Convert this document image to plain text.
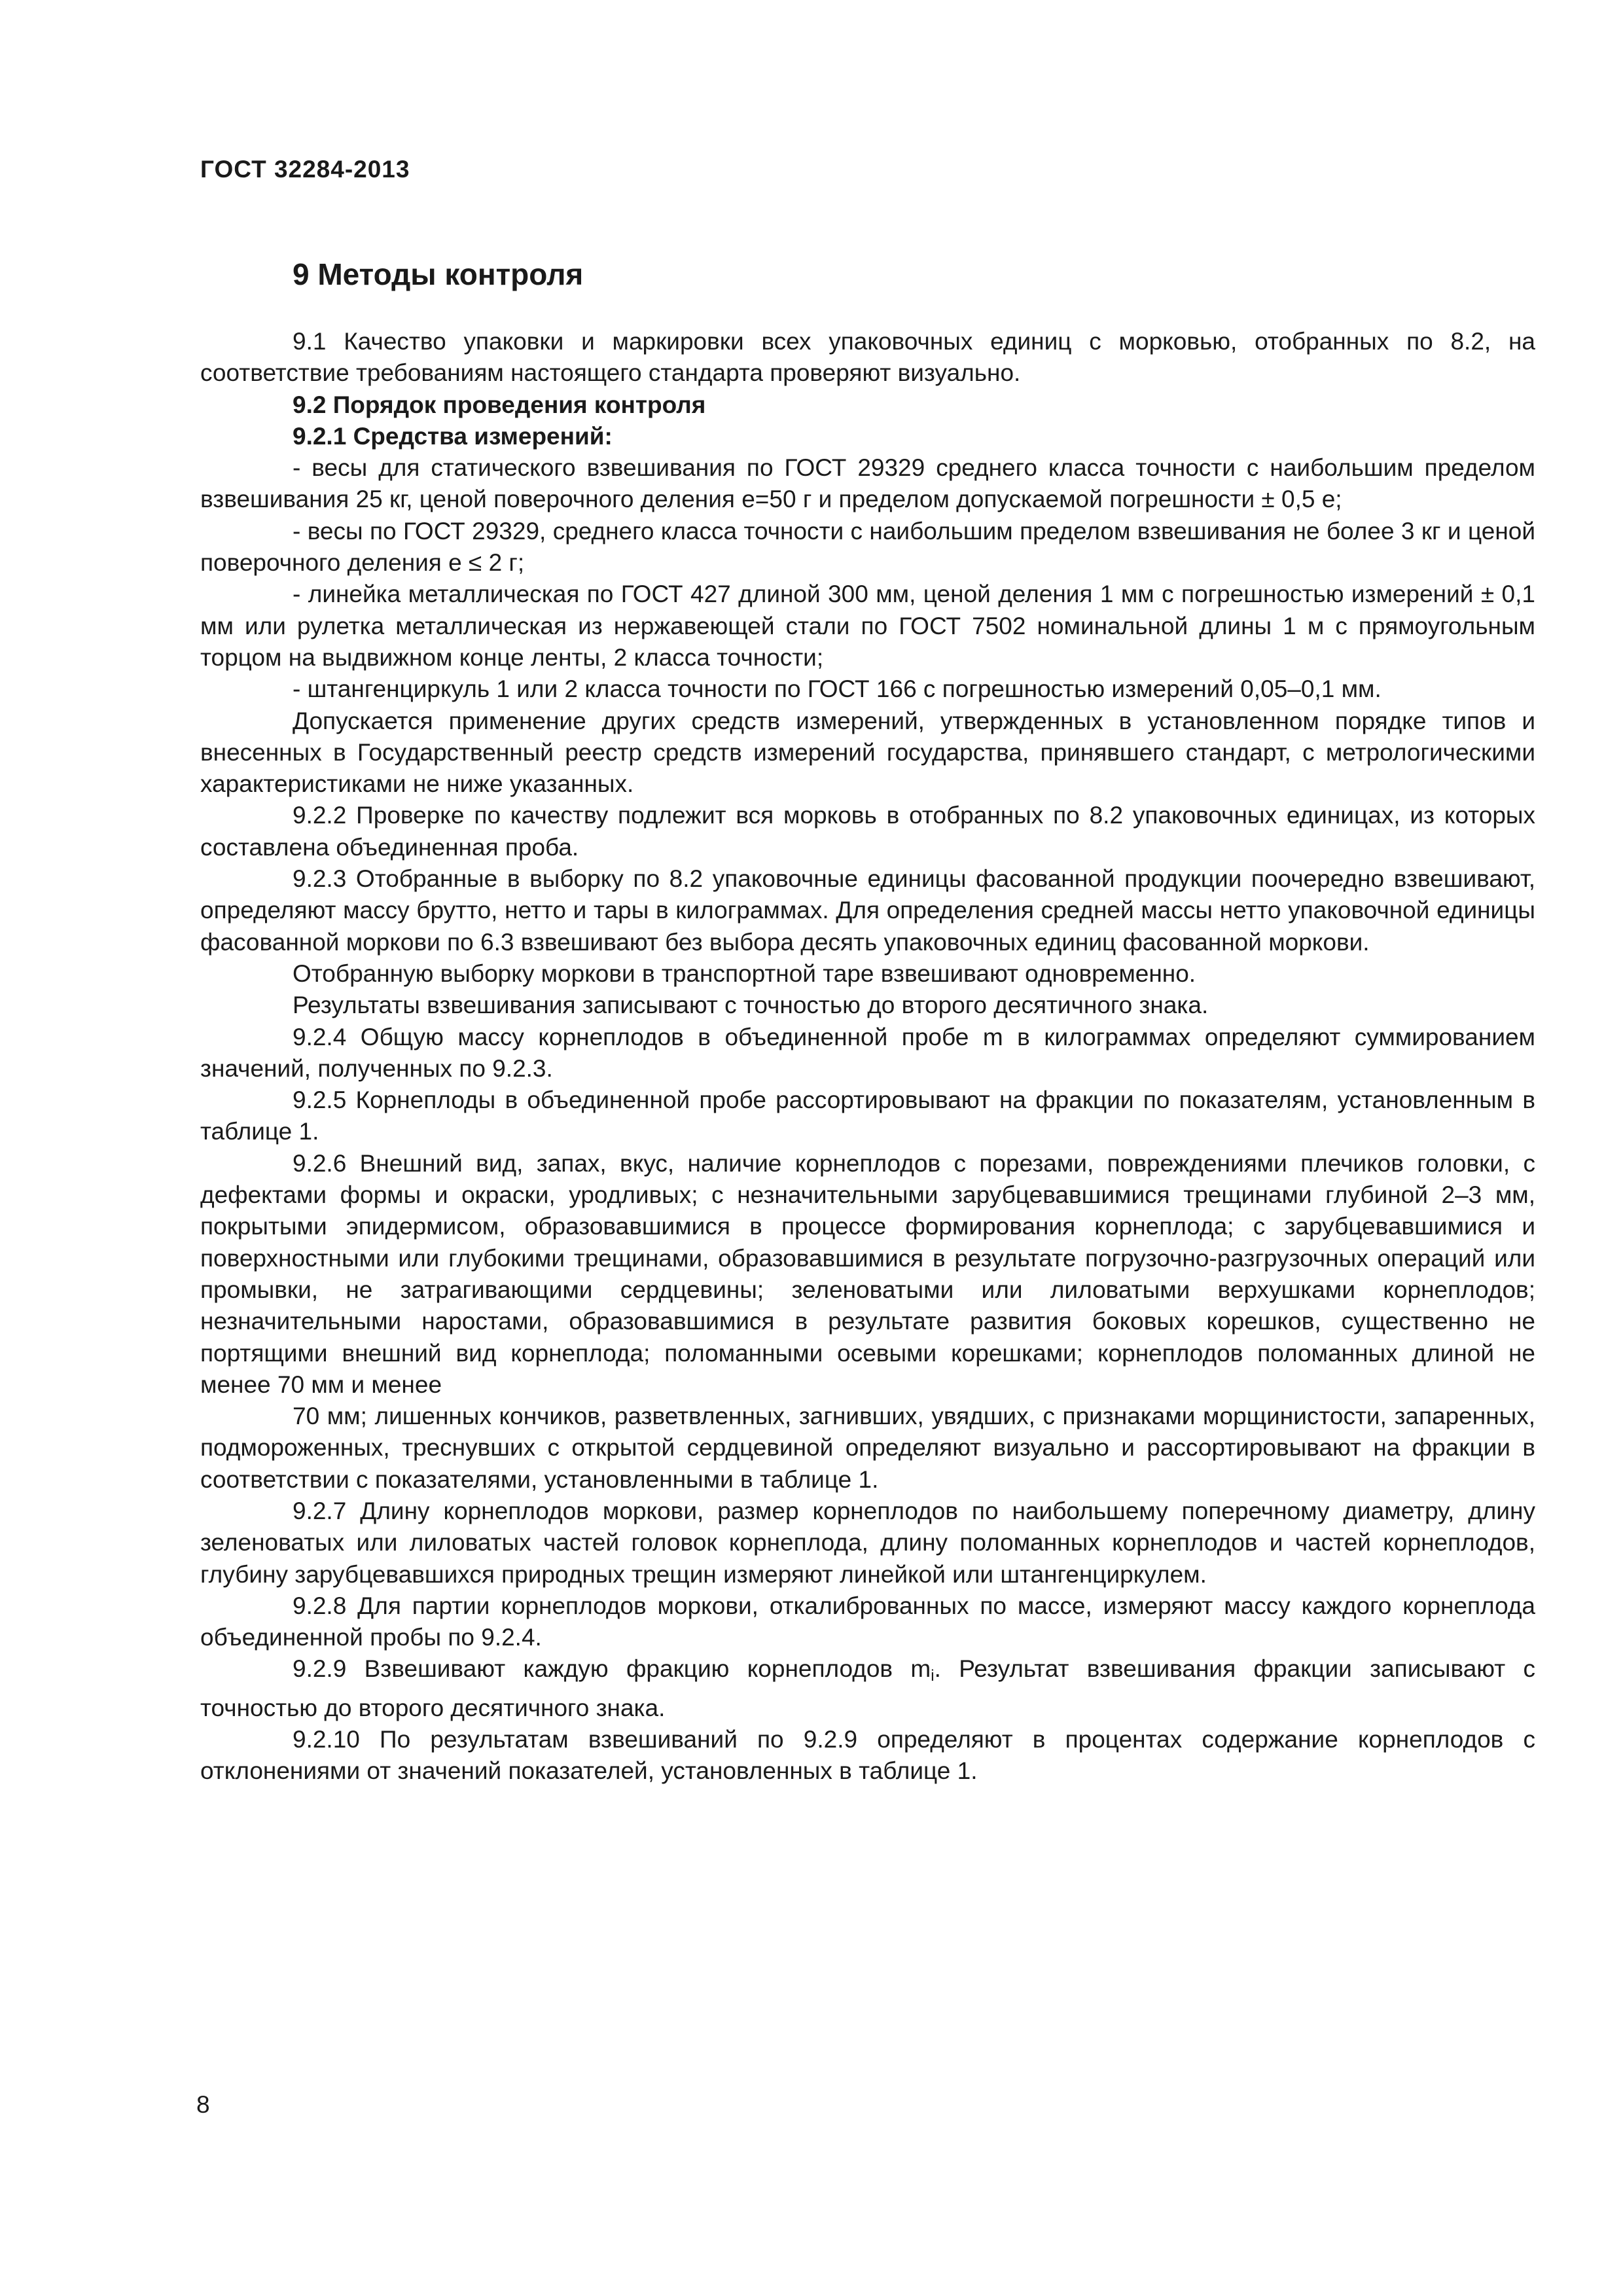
ГОСТ 32284-2013
9 Методы контроля

9.1 Качество упаковки и маркировки всех упаковочных единиц с морковью, отобранных по 8.2, на соответствие требованиям настоящего стандарта проверяют визуально.

9.2 Порядок проведения контроля

9.2.1 Средства измерений:

- весы для статического взвешивания по ГОСТ 29329 среднего класса точности с наибольшим пределом взвешивания 25 кг, ценой поверочного деления e=50 г и пределом допускаемой погрешности ± 0,5 e;

- весы по ГОСТ 29329, среднего класса точности с наибольшим пределом взвешивания не более 3 кг и ценой поверочного деления e ≤ 2 г;

- линейка металлическая по ГОСТ 427 длиной 300 мм, ценой деления 1 мм с погрешностью измерений ± 0,1 мм или рулетка металлическая из нержавеющей стали по ГОСТ 7502 номинальной длины 1 м с прямоугольным торцом на выдвижном конце ленты, 2 класса точности;

- штангенциркуль 1 или 2 класса точности по ГОСТ 166 с погрешностью измерений 0,05–0,1 мм.

Допускается применение других средств измерений, утвержденных в установленном порядке типов и внесенных в Государственный реестр средств измерений государства, принявшего стандарт, с метрологическими характеристиками не ниже указанных.

9.2.2 Проверке по качеству подлежит вся морковь в отобранных по 8.2 упаковочных единицах, из которых составлена объединенная проба.

9.2.3 Отобранные в выборку по 8.2 упаковочные единицы фасованной продукции поочередно взвешивают, определяют массу брутто, нетто и тары в килограммах. Для определения средней массы нетто упаковочной единицы фасованной моркови по 6.3 взвешивают без выбора десять упаковочных единиц фасованной моркови.

Отобранную выборку моркови в транспортной таре взвешивают одновременно.

Результаты взвешивания записывают с точностью до второго десятичного знака.

9.2.4 Общую массу корнеплодов в объединенной пробе m в килограммах определяют суммированием значений, полученных по 9.2.3.

9.2.5 Корнеплоды в объединенной пробе рассортировывают на фракции по показателям, установленным в таблице 1.

9.2.6 Внешний вид, запах, вкус, наличие корнеплодов с порезами, повреждениями плечиков головки, с дефектами формы и окраски, уродливых; с незначительными зарубцевавшимися трещинами глубиной 2–3 мм, покрытыми эпидермисом, образовавшимися в процессе формирования корнеплода; с зарубцевавшимися и поверхностными или глубокими трещинами, образовавшимися в результате погрузочно-разгрузочных операций или промывки, не затрагивающими сердцевины; зеленоватыми или лиловатыми верхушками корнеплодов; незначительными наростами, образовавшимися в результате развития боковых корешков, существенно не портящими внешний вид корнеплода; поломанными осевыми корешками; корнеплодов поломанных длиной не менее 70 мм и менее

70 мм; лишенных кончиков, разветвленных, загнивших, увядших, с признаками морщинистости, запаренных, подмороженных, треснувших с открытой сердцевиной определяют визуально и рассортировывают на фракции в соответствии с показателями, установленными в таблице 1.

9.2.7 Длину корнеплодов моркови, размер корнеплодов по наибольшему поперечному диаметру, длину зеленоватых или лиловатых частей головок корнеплода, длину поломанных корнеплодов и частей корнеплодов, глубину зарубцевавшихся природных трещин измеряют линейкой или штангенциркулем.

9.2.8 Для партии корнеплодов моркови, откалиброванных по массе, измеряют массу каждого корнеплода объединенной пробы по 9.2.4.

9.2.9 Взвешивают каждую фракцию корнеплодов $m_i$. Результат взвешивания фракции записывают с точностью до второго десятичного знака.

9.2.10 По результатам взвешиваний по 9.2.9 определяют в процентах содержание корнеплодов с отклонениями от значений показателей, установленных в таблице 1.

8
